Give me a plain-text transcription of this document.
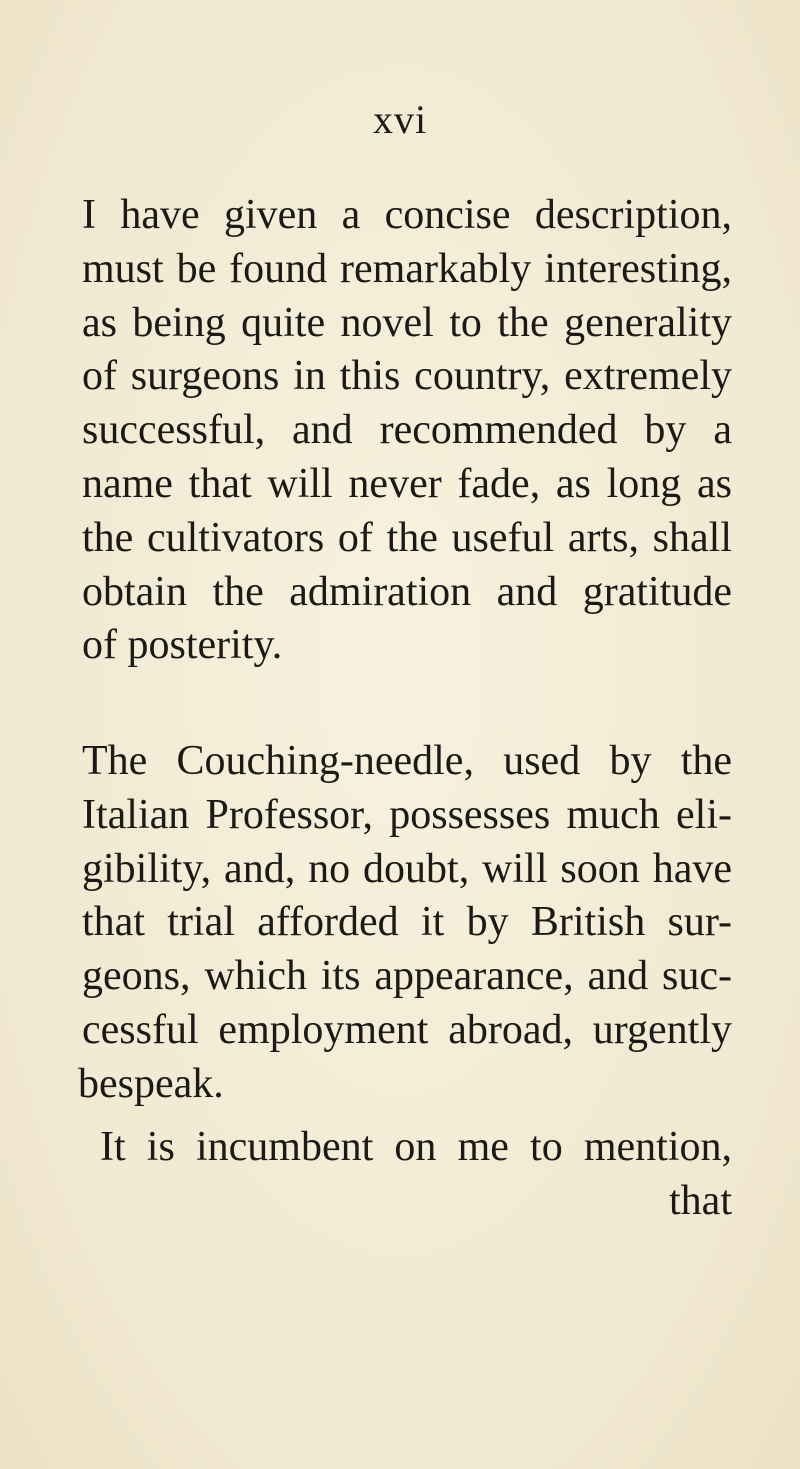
xvi
I have given a concise description,
must be found remarkably interesting,
as being quite novel to the generality
of surgeons in this country, extremely
successful, and recommended by a
name that will never fade, as long as
the cultivators of the useful arts, shall
obtain the admiration and gratitude
of posterity.
The Couching-needle, used by the
Italian Professor, possesses much eli-
gibility, and, no doubt, will soon have
that trial afforded it by British sur-
geons, which its appearance, and suc-
cessful employment abroad, urgently
bespeak.
It is incumbent on me to mention,
that
